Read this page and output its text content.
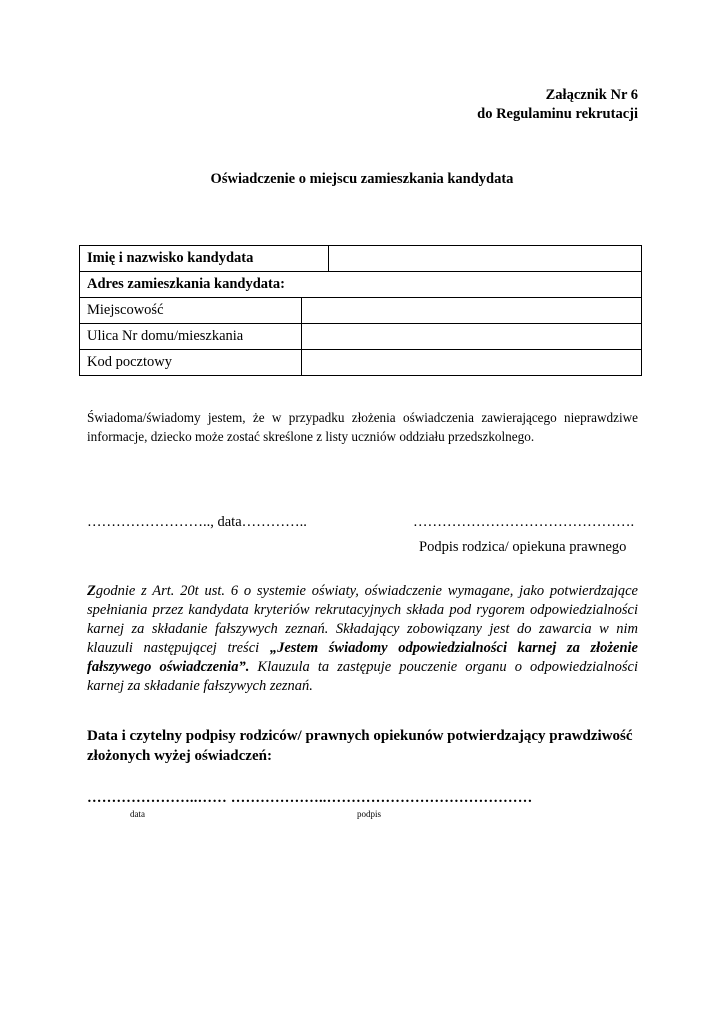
Załącznik Nr 6
do Regulaminu rekrutacji
Oświadczenie o miejscu zamieszkania kandydata
Imię i nazwisko kandydata		
Adres zamieszkania kandydata:		
Miejscowość		
Ulica Nr domu/mieszkania		
Kod pocztowy		
Świadoma/świadomy jestem, że w przypadku złożenia oświadczenia zawierającego nieprawdziwe informacje, dziecko może zostać skreślone z listy uczniów oddziału przedszkolnego.
…………………….., data…………..	……………………………………….
Podpis rodzica/ opiekuna prawnego
Zgodnie z Art. 20t ust. 6 o systemie oświaty, oświadczenie wymagane, jako potwierdzające spełniania przez kandydata kryteriów rekrutacyjnych składa pod rygorem odpowiedzialności karnej za składanie fałszywych zeznań. Składający zobowiązany jest do zawarcia w nim klauzuli następującej treści „Jestem świadomy odpowiedzialności karnej za złożenie fałszywego oświadczenia”. Klauzula ta zastępuje pouczenie organu o odpowiedzialności karnej za składanie fałszywych zeznań.
Data i czytelny podpisy rodziców/ prawnych opiekunów potwierdzający prawdziwość złożonych wyżej oświadczeń:
…………………..…… ………………..……………………………………
data	podpis
